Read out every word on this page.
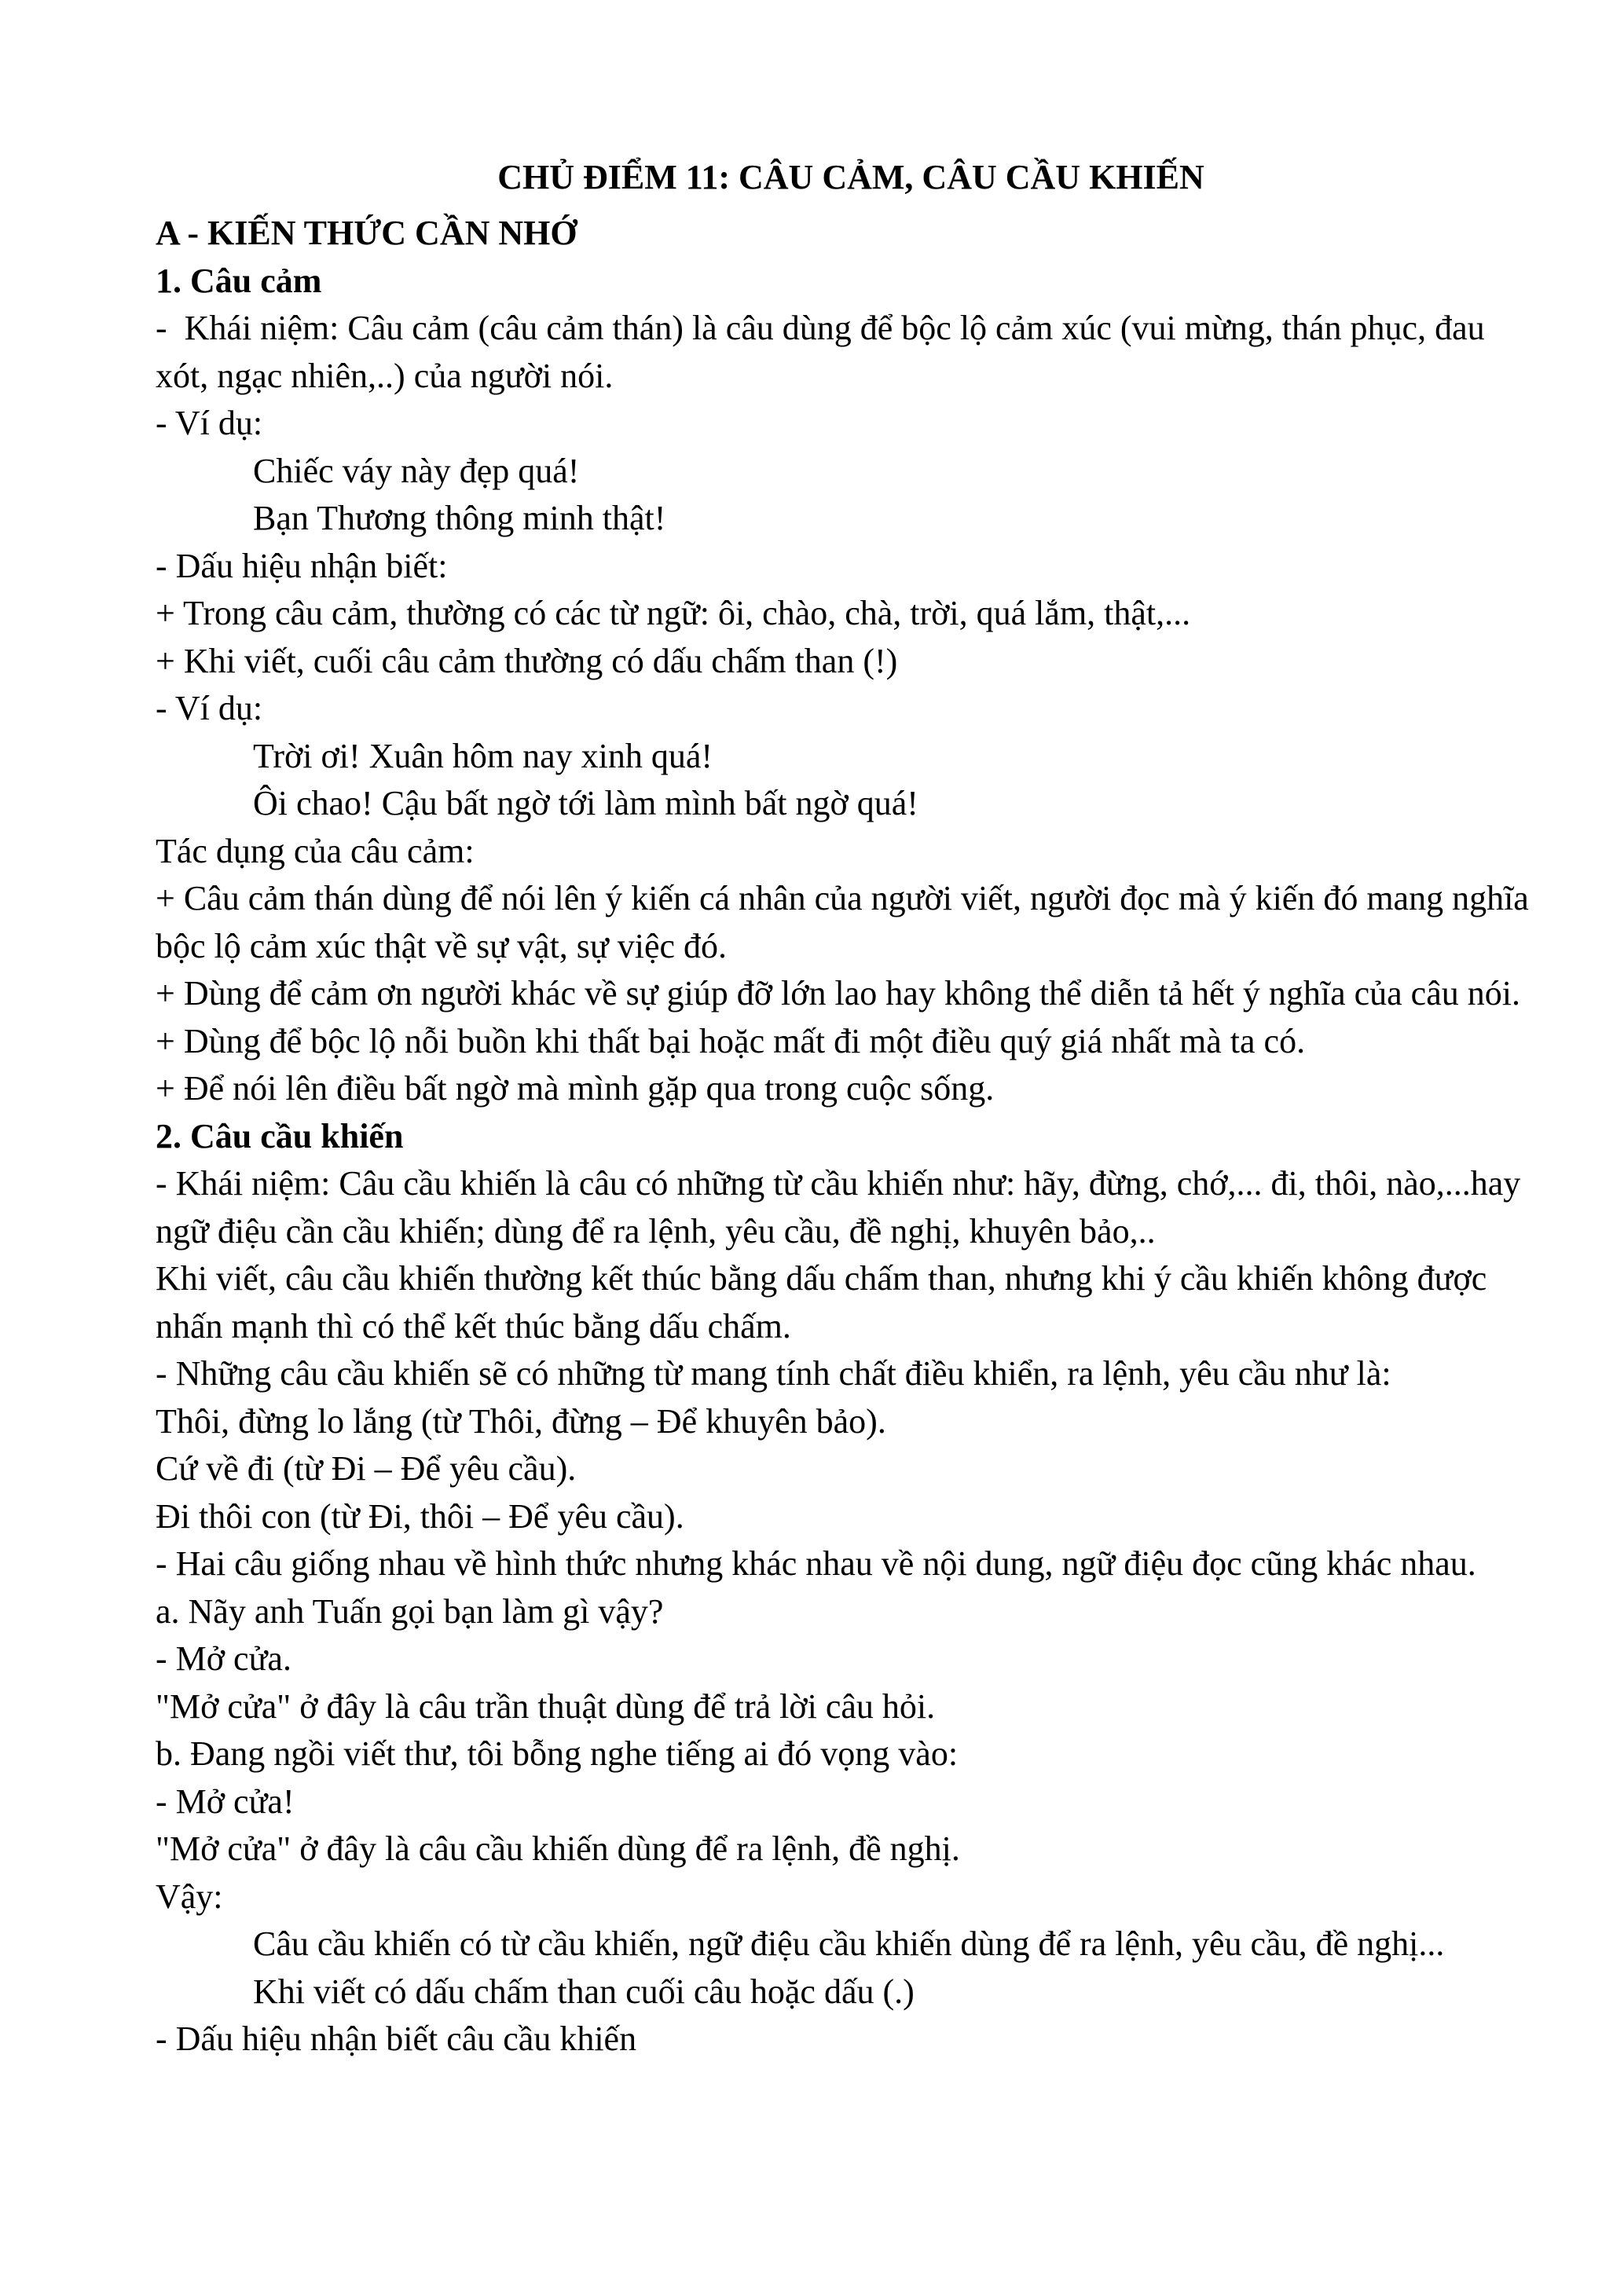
CHỦ ĐIỂM 11: CÂU CẢM, CÂU CẦU KHIẾN
A - KIẾN THỨC CẦN NHỚ
1. Câu cảm
-  Khái niệm: Câu cảm (câu cảm thán) là câu dùng để bộc lộ cảm xúc (vui mừng, thán phục, đau xót, ngạc nhiên,..) của người nói.
- Ví dụ:
Chiếc váy này đẹp quá!
Bạn Thương thông minh thật!
- Dấu hiệu nhận biết:
+ Trong câu cảm, thường có các từ ngữ: ôi, chào, chà, trời, quá lắm, thật,...
+ Khi viết, cuối câu cảm thường có dấu chấm than (!)
- Ví dụ:
Trời ơi! Xuân hôm nay xinh quá!
Ôi chao! Cậu bất ngờ tới làm mình bất ngờ quá!
Tác dụng của câu cảm:
+ Câu cảm thán dùng để nói lên ý kiến cá nhân của người viết, người đọc mà ý kiến đó mang nghĩa bộc lộ cảm xúc thật về sự vật, sự việc đó.
+ Dùng để cảm ơn người khác về sự giúp đỡ lớn lao hay không thể diễn tả hết ý nghĩa của câu nói.
+ Dùng để bộc lộ nỗi buồn khi thất bại hoặc mất đi một điều quý giá nhất mà ta có.
+ Để nói lên điều bất ngờ mà mình gặp qua trong cuộc sống.
2. Câu cầu khiến
- Khái niệm: Câu cầu khiến là câu có những từ cầu khiến như: hãy, đừng, chớ,... đi, thôi, nào,...hay ngữ điệu cần cầu khiến; dùng để ra lệnh, yêu cầu, đề nghị, khuyên bảo,..
Khi viết, câu cầu khiến thường kết thúc bằng dấu chấm than, nhưng khi ý cầu khiến không được nhấn mạnh thì có thể kết thúc bằng dấu chấm.
- Những câu cầu khiến sẽ có những từ mang tính chất điều khiển, ra lệnh, yêu cầu như là:
Thôi, đừng lo lắng (từ Thôi, đừng – Để khuyên bảo).
Cứ về đi (từ Đi – Để yêu cầu).
Đi thôi con (từ Đi, thôi – Để yêu cầu).
- Hai câu giống nhau về hình thức nhưng khác nhau về nội dung, ngữ điệu đọc cũng khác nhau.
a. Nãy anh Tuấn gọi bạn làm gì vậy?
- Mở cửa.
"Mở cửa" ở đây là câu trần thuật dùng để trả lời câu hỏi.
b. Đang ngồi viết thư, tôi bỗng nghe tiếng ai đó vọng vào:
- Mở cửa!
"Mở cửa" ở đây là câu cầu khiến dùng để ra lệnh, đề nghị.
Vậy:
Câu cầu khiến có từ cầu khiến, ngữ điệu cầu khiến dùng để ra lệnh, yêu cầu, đề nghị...
Khi viết có dấu chấm than cuối câu hoặc dấu (.)
- Dấu hiệu nhận biết câu cầu khiến
